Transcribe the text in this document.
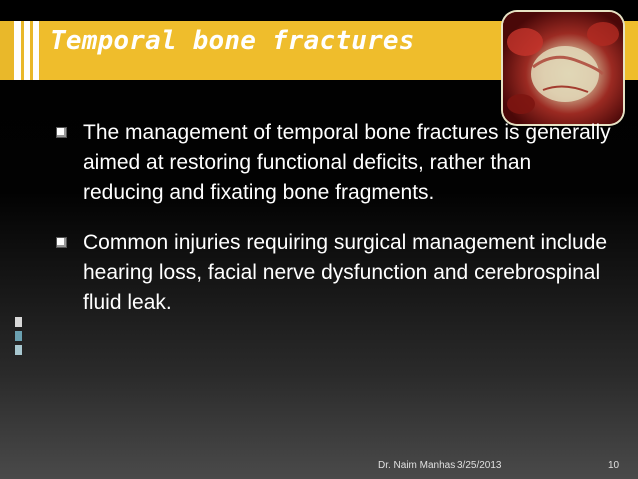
Temporal bone fractures
The management of temporal bone fractures is generally aimed at restoring functional deficits, rather than reducing and fixating bone fragments.
Common injuries requiring surgical management include hearing loss, facial nerve dysfunction and cerebrospinal fluid leak.
Dr. Naim Manhas 3/25/2013	10
